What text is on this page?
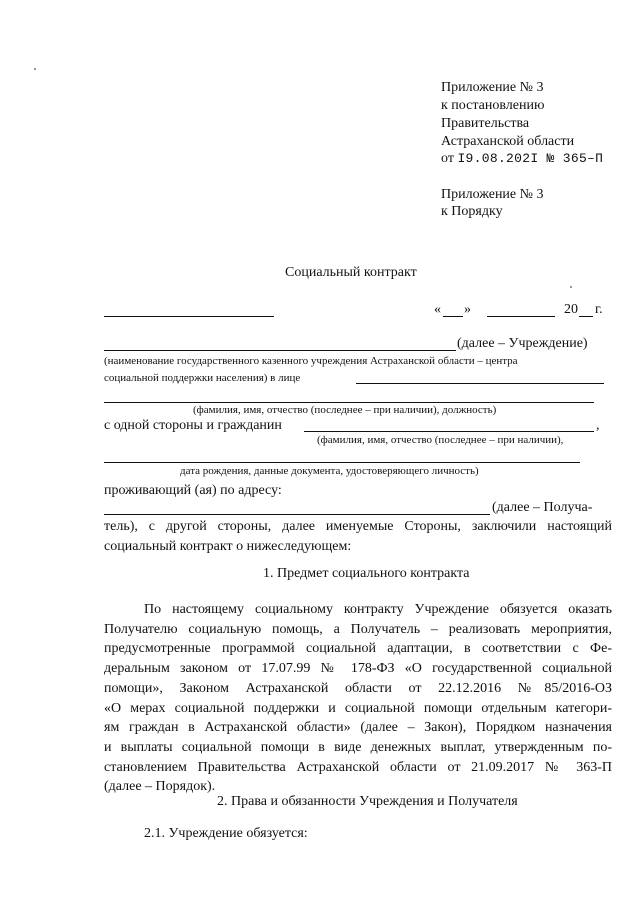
Приложение № 3
к постановлению
Правительства
Астраханской области
от I9.08.202I № 365–П
Приложение № 3
к Порядку
Социальный контракт
« »	20 г.
(далее – Учреждение)
(наименование государственного казенного учреждения Астраханской области – центра
социальной поддержки населения) в лице
(фамилия, имя, отчество (последнее – при наличии), должность)
с одной стороны и гражданин	,
(фамилия, имя, отчество (последнее – при наличии),
дата рождения, данные документа, удостоверяющего личность)
проживающий (ая) по адресу:
(далее – Получа-
тель), с другой стороны, далее именуемые Стороны, заключили настоящий
социальный контракт о нижеследующем:
1. Предмет социального контракта
По настоящему социальному контракту Учреждение обязуется оказать
Получателю социальную помощь, а Получатель – реализовать мероприятия,
предусмотренные программой социальной адаптации, в соответствии с Фе-
деральным законом от 17.07.99 № 178-ФЗ «О государственной социальной
помощи», Законом Астраханской области от 22.12.2016 №85/2016-ОЗ
«О мерах социальной поддержки и социальной помощи отдельным категори-
ям граждан в Астраханской области» (далее – Закон), Порядком назначения
и выплаты социальной помощи в виде денежных выплат, утвержденным по-
становлением Правительства Астраханской области от 21.09.2017 № 363-П
(далее – Порядок).
2. Права и обязанности Учреждения и Получателя
2.1. Учреждение обязуется:
